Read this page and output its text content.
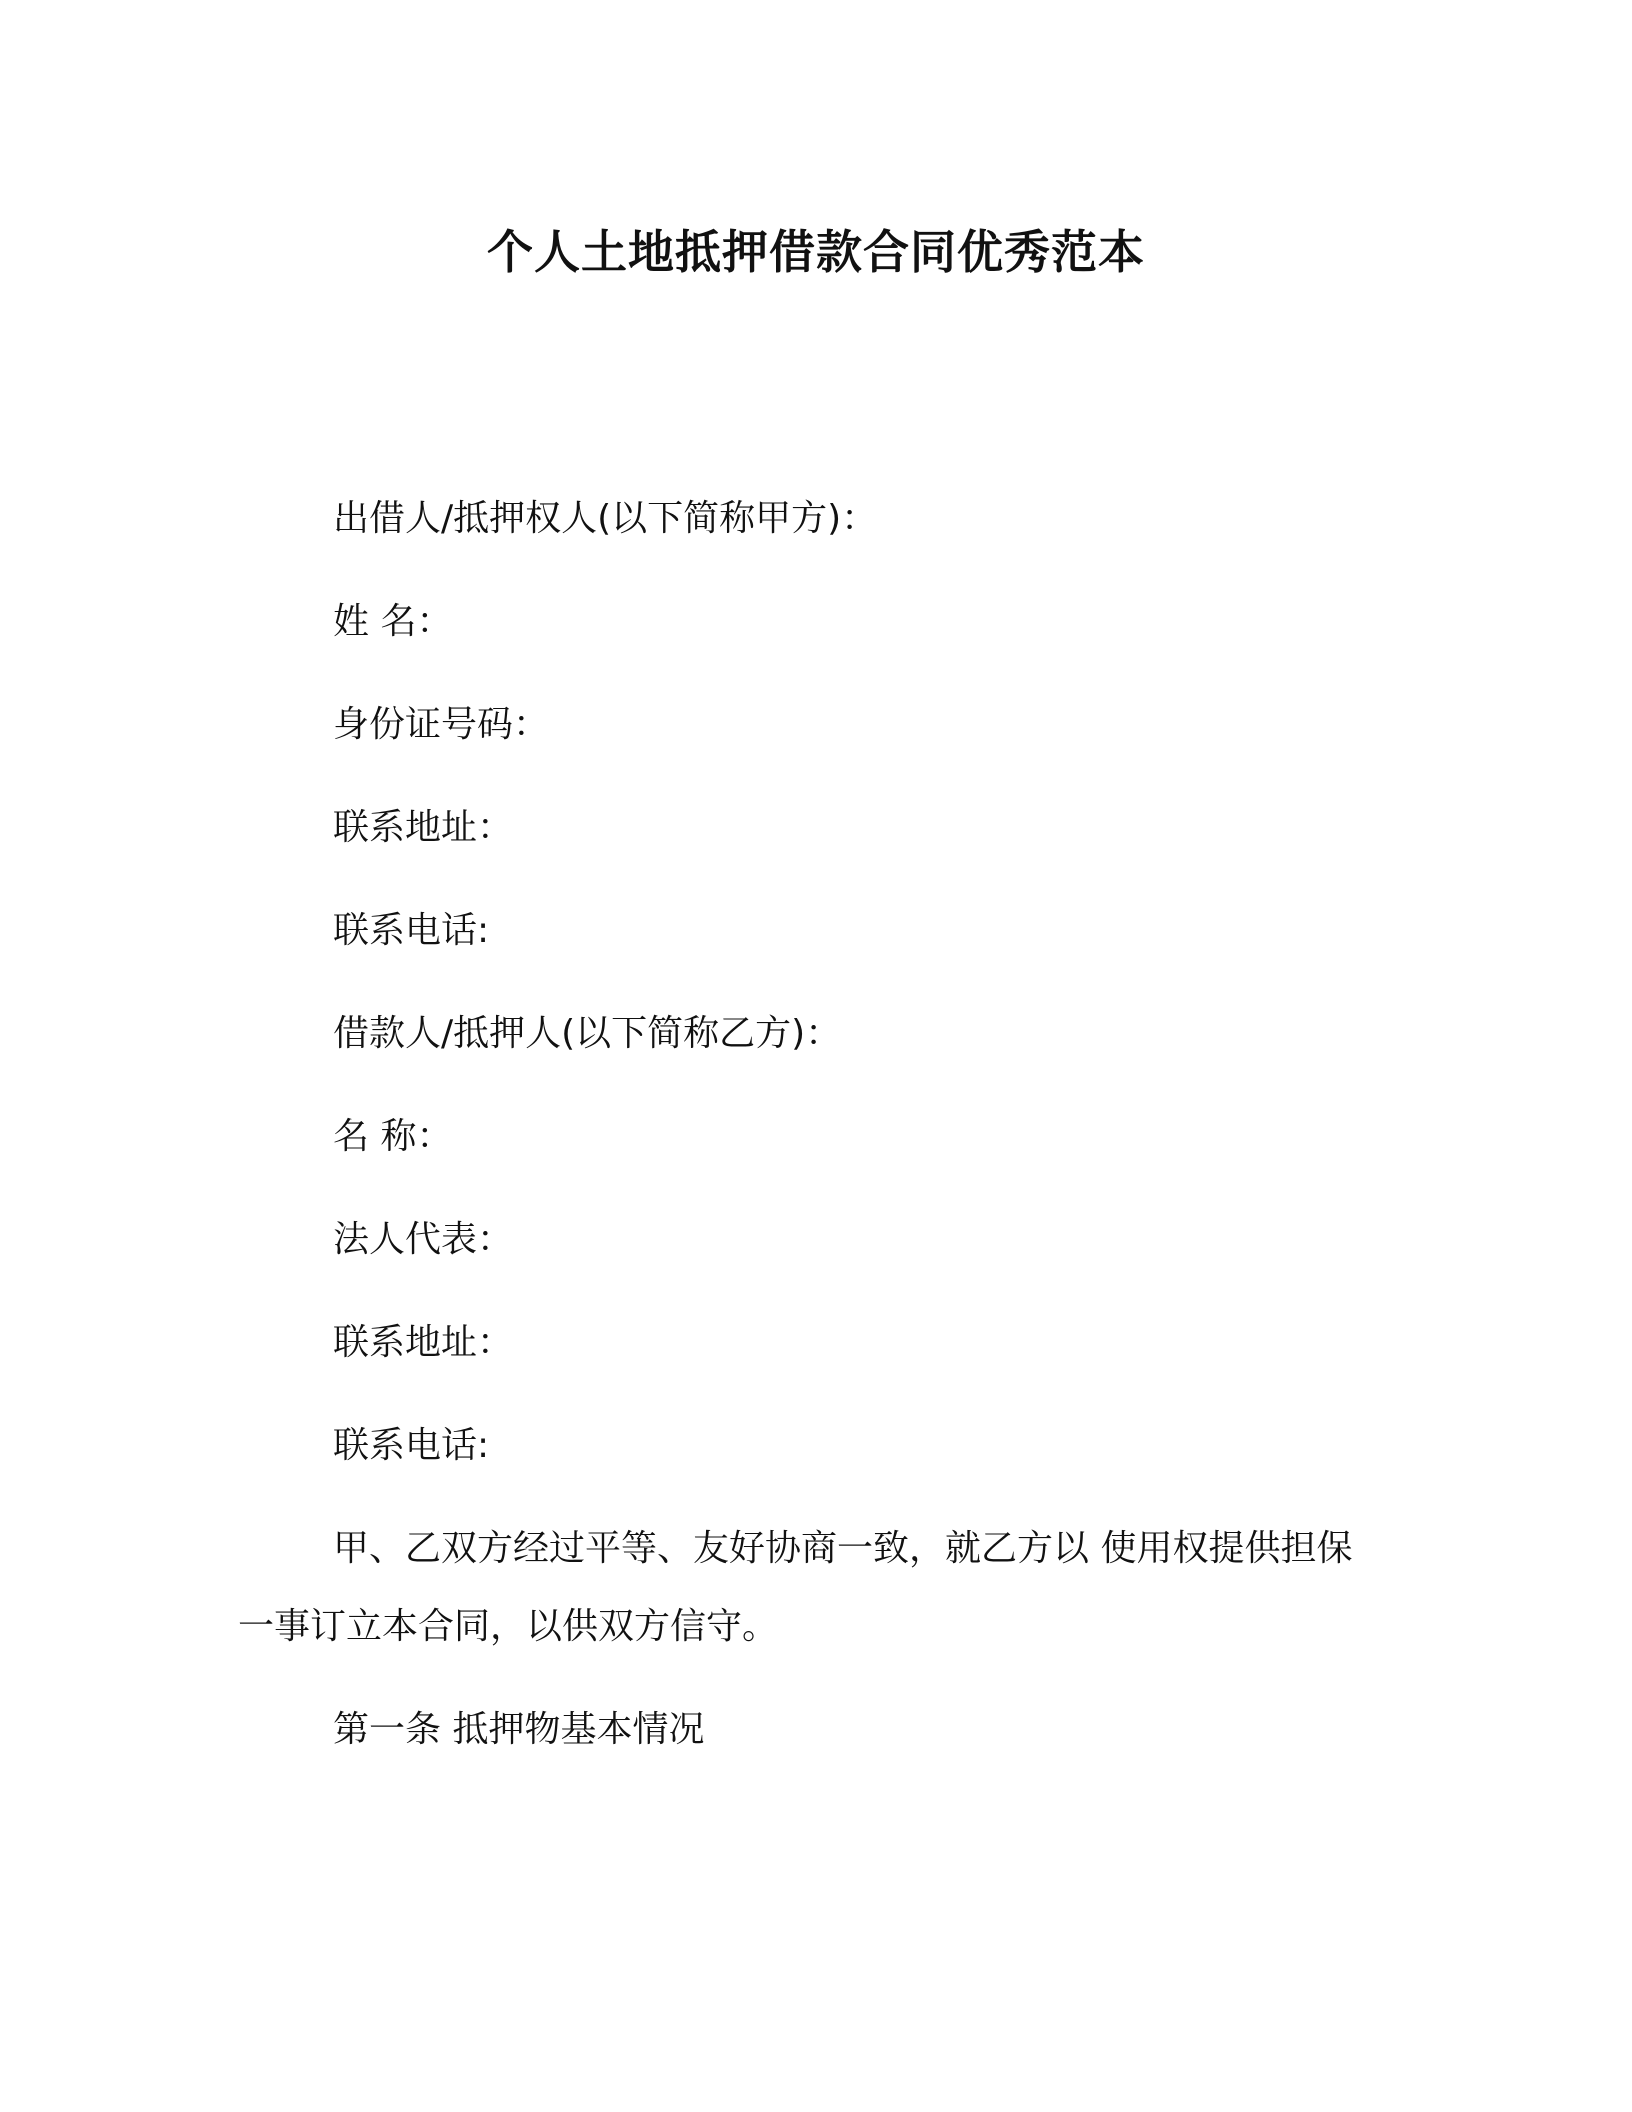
个人土地抵押借款合同优秀范本
出借人/抵押权人(以下简称甲方)：
姓 名：
身份证号码：
联系地址：
联系电话:
借款人/抵押人(以下简称乙方)：
名 称：
法人代表：
联系地址：
联系电话:
甲、乙双方经过平等、友好协商一致，就乙方以 使用权提供担保
一事订立本合同，以供双方信守。
第一条 抵押物基本情况
